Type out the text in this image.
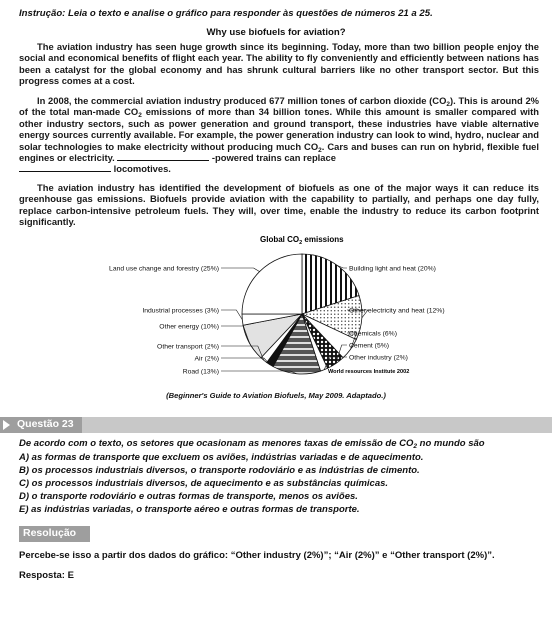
Instrução: Leia o texto e analise o gráfico para responder às questões de números 21 a 25.
Why use biofuels for aviation?
The aviation industry has seen huge growth since its beginning. Today, more than two billion people enjoy the social and economical benefits of flight each year. The ability to fly conveniently and efficiently between nations has been a catalyst for the global economy and has shrunk cultural barriers like no other transport sector. But this progress comes at a cost.
In 2008, the commercial aviation industry produced 677 million tones of carbon dioxide $(CO_2)$. This is around 2% of the total man-made $CO_2$ emissions of more than 34 billion tones. While this amount is smaller compared with other industry sectors, such as power generation and ground transport, these industries have viable alternative energy sources currently available. For example, the power generation industry can look to wind, hydro, nuclear and solar technologies to make electricity without producing much $CO_2$. Cars and buses can run on hybrid, flexible fuel engines or electricity.	-powered trains can replace
locomotives.
The aviation industry has identified the development of biofuels as one of the major ways it can reduce its greenhouse gas emissions. Biofuels provide aviation with the capability to partially, and perhaps one day fully, replace carbon-intensive petroleum fuels. They will, over time, enable the industry to reduce its carbon footprint significantly.
Global $CO_2$ emissions
Building light and heat (20%)
Other electricity and heat (12%)
Chemicals (6%)
Cement (5%)
Other industry (2%)
Land use change and forestry (25%)
Industrial processes (3%)
Other energy (10%)
Other transport (2%)
Air (2%)
Road (13%)	World resources Institute 2002
(Beginner's Guide to Aviation Biofuels, May 2009. Adaptado.)
Questão 23
De acordo com o texto, os setores que ocasionam as menores taxas de emissão de $CO_2$ no mundo são
A) as formas de transporte que excluem os aviões, indústrias variadas e de aquecimento.
B) os processos industriais diversos, o transporte rodoviário e as indústrias de cimento.
C) os processos industriais diversos, de aquecimento e as substâncias químicas.
D) o transporte rodoviário e outras formas de transporte, menos os aviões.
E) as indústrias variadas, o transporte aéreo e outras formas de transporte.
Resolução
Percebe-se isso a partir dos dados do gráfico: “Other industry (2%)”; “Air (2%)” e “Other transport (2%)”.
Resposta: E
